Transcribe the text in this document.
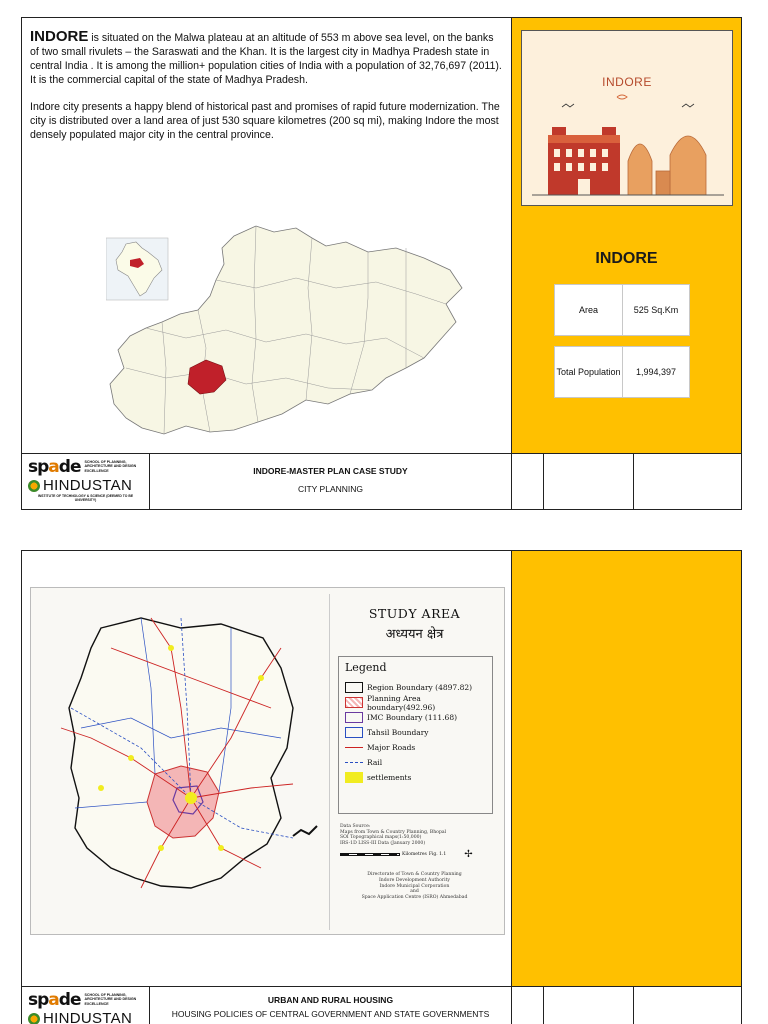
INDORE is situated on the Malwa plateau at an altitude of 553 m above sea level, on the banks of two small rivulets – the Saraswati and the Khan. It is the largest city in Madhya Pradesh state in central India . It is among the million+ population cities of India with a population of 32,76,697 (2011). It is the commercial capital of the state of Madhya Pradesh.

Indore city presents a happy blend of historical past and promises of rapid future modernization. The city is distributed over a land area of just 530 square kilometres (200 sq mi), making Indore the most densely populated major city in the central province.

INDORE
INDORE
Area	525 Sq.Km
Total Population	1,994,397
spade SCHOOL OF PLANNING, ARCHITECTURE AND DESIGN EXCELLENCE
HINDUSTAN
INSTITUTE OF TECHNOLOGY & SCIENCE (DEEMED TO BE UNIVERSITY)
INDORE-MASTER PLAN CASE STUDY
CITY PLANNING
STUDY AREA
अध्ययन क्षेत्र
Legend
Region Boundary (4897.82)
Planning Area boundary(492.96)
IMC Boundary (111.68)
Tahsil Boundary
Major Roads
Rail
settlements
Data Source:
Maps from Town & Country Planning, Bhopal
SOI Topographical maps(1:50,000)
IRS-1D LISS-III Data (January 2000)
Kilometres Fig. 1.1 ✢
Directorate of Town & Country Planning
Indore Development Authority
Indore Municipal Corporation
and
Space Application Centre (ISRO) Ahmedabad
spade SCHOOL OF PLANNING, ARCHITECTURE AND DESIGN EXCELLENCE
HINDUSTAN
URBAN AND RURAL HOUSING
HOUSING POLICIES OF CENTRAL GOVERNMENT AND STATE GOVERNMENTS
